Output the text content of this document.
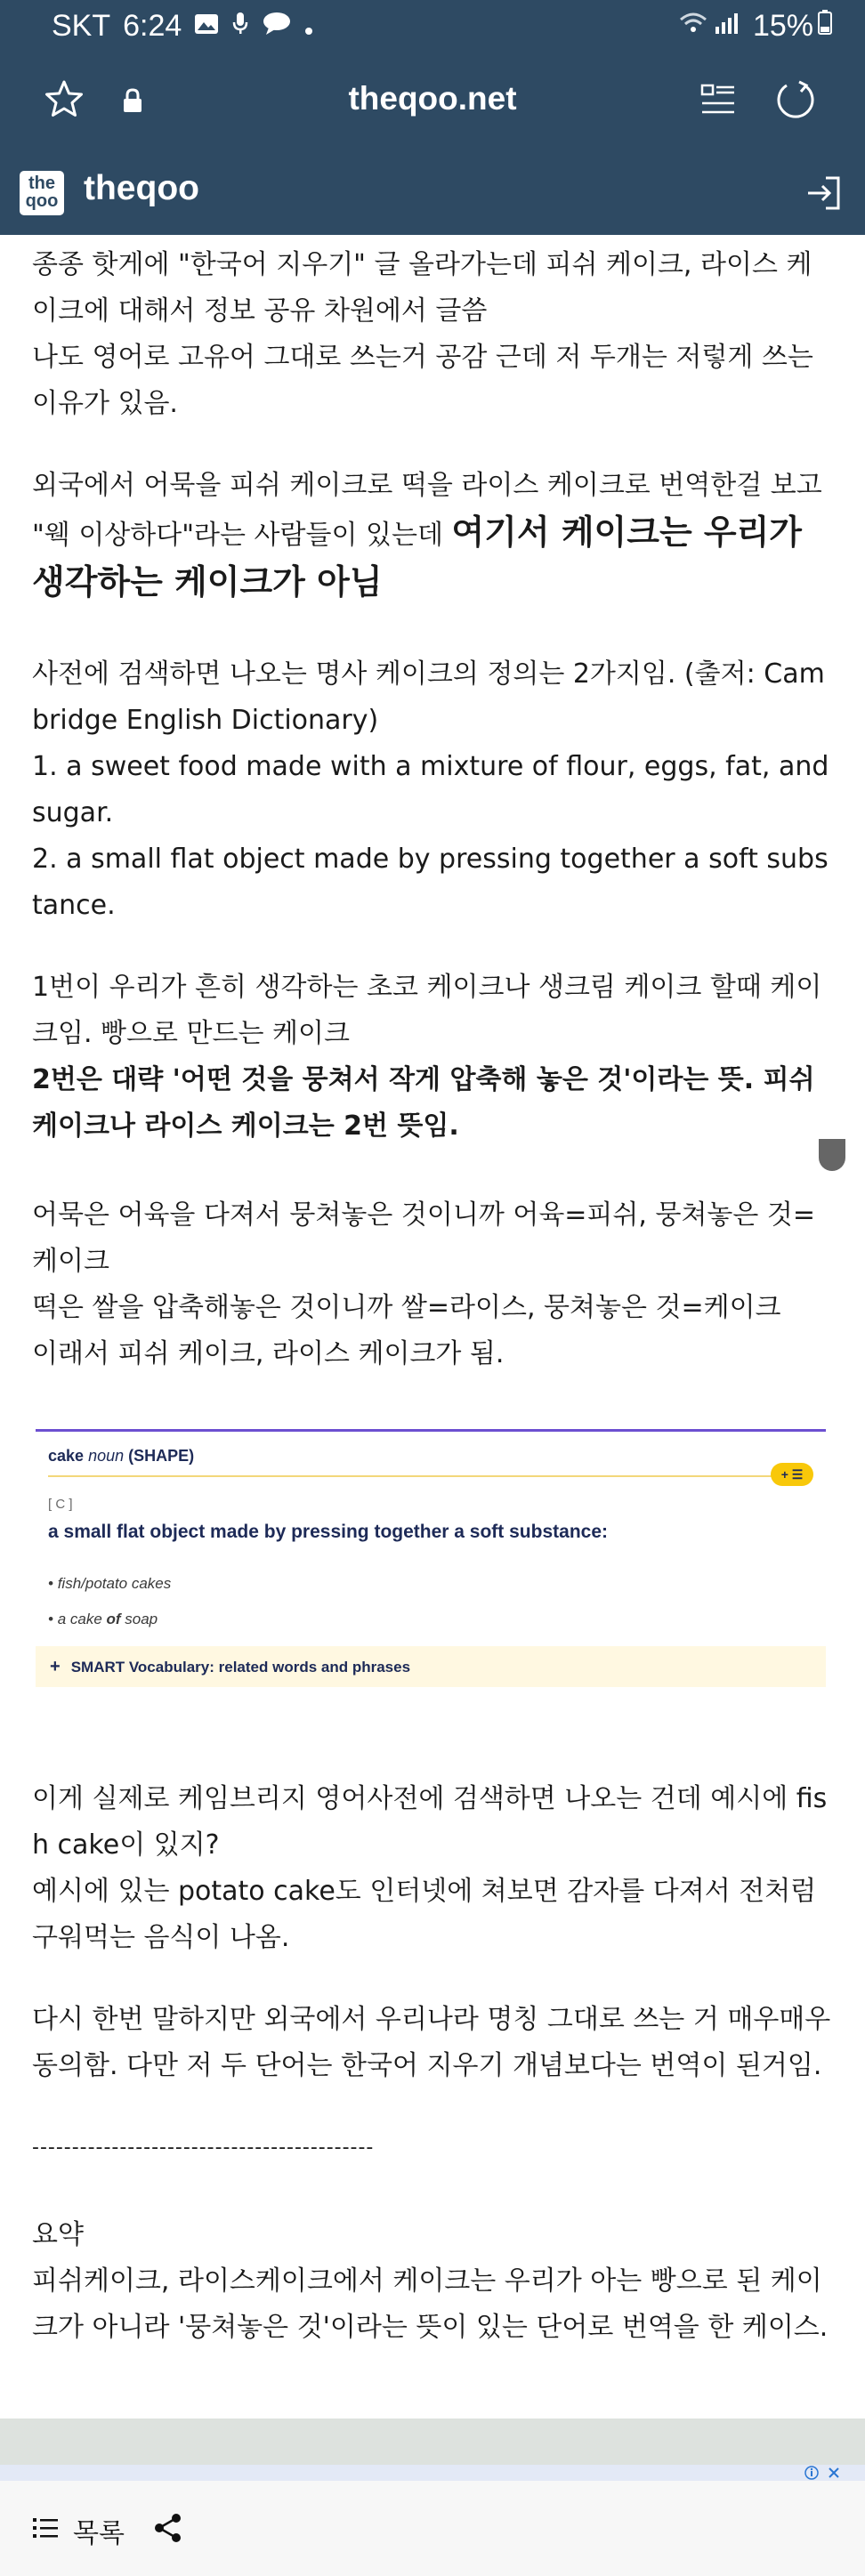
SKT 6:24	15%
theqoo.net
the
qoo theqoo

종종 핫게에 "한국어 지우기" 글 올라가는데 피쉬 케이크, 라이스 케이크에 대해서 정보 공유 차원에서 글씀
나도 영어로 고유어 그대로 쓰는거 공감 근데 저 두개는 저렇게 쓰는 이유가 있음.

외국에서 어묵을 피쉬 케이크로 떡을 라이스 케이크로 번역한걸 보고 "웩 이상하다"라는 사람들이 있는데 여기서 케이크는 우리가 생각하는 케이크가 아님

사전에 검색하면 나오는 명사 케이크의 정의는 2가지임. (출저: Cambridge English Dictionary)
1. a sweet food made with a mixture of flour, eggs, fat, and sugar.
2. a small flat object made by pressing together a soft substance.

1번이 우리가 흔히 생각하는 초코 케이크나 생크림 케이크 할때 케이크임. 빵으로 만드는 케이크
2번은 대략 '어떤 것을 뭉쳐서 작게 압축해 놓은 것'이라는 뜻. 피쉬 케이크나 라이스 케이크는 2번 뜻임.

어묵은 어육을 다져서 뭉쳐놓은 것이니까 어육=피쉬, 뭉쳐놓은 것=케이크
떡은 쌀을 압축해놓은 것이니까 쌀=라이스, 뭉쳐놓은 것=케이크
이래서 피쉬 케이크, 라이스 케이크가 됨.

cake noun (SHAPE)
+ ☰
[ C ]
a small flat object made by pressing together a soft substance:
• fish/potato cakes
• a cake of soap
+ SMART Vocabulary: related words and phrases

이게 실제로 케임브리지 영어사전에 검색하면 나오는 건데 예시에 fish cake이 있지?
예시에 있는 potato cake도 인터넷에 쳐보면 감자를 다져서 전처럼 구워먹는 음식이 나옴.

다시 한번 말하지만 외국에서 우리나라 명칭 그대로 쓰는 거 매우매우 동의함. 다만 저 두 단어는 한국어 지우기 개념보다는 번역이 된거임.

-------------------------------------------

요약
피쉬케이크, 라이스케이크에서 케이크는 우리가 아는 빵으로 된 케이크가 아니라 '뭉쳐놓은 것'이라는 뜻이 있는 단어로 번역을 한 케이스.

목록
